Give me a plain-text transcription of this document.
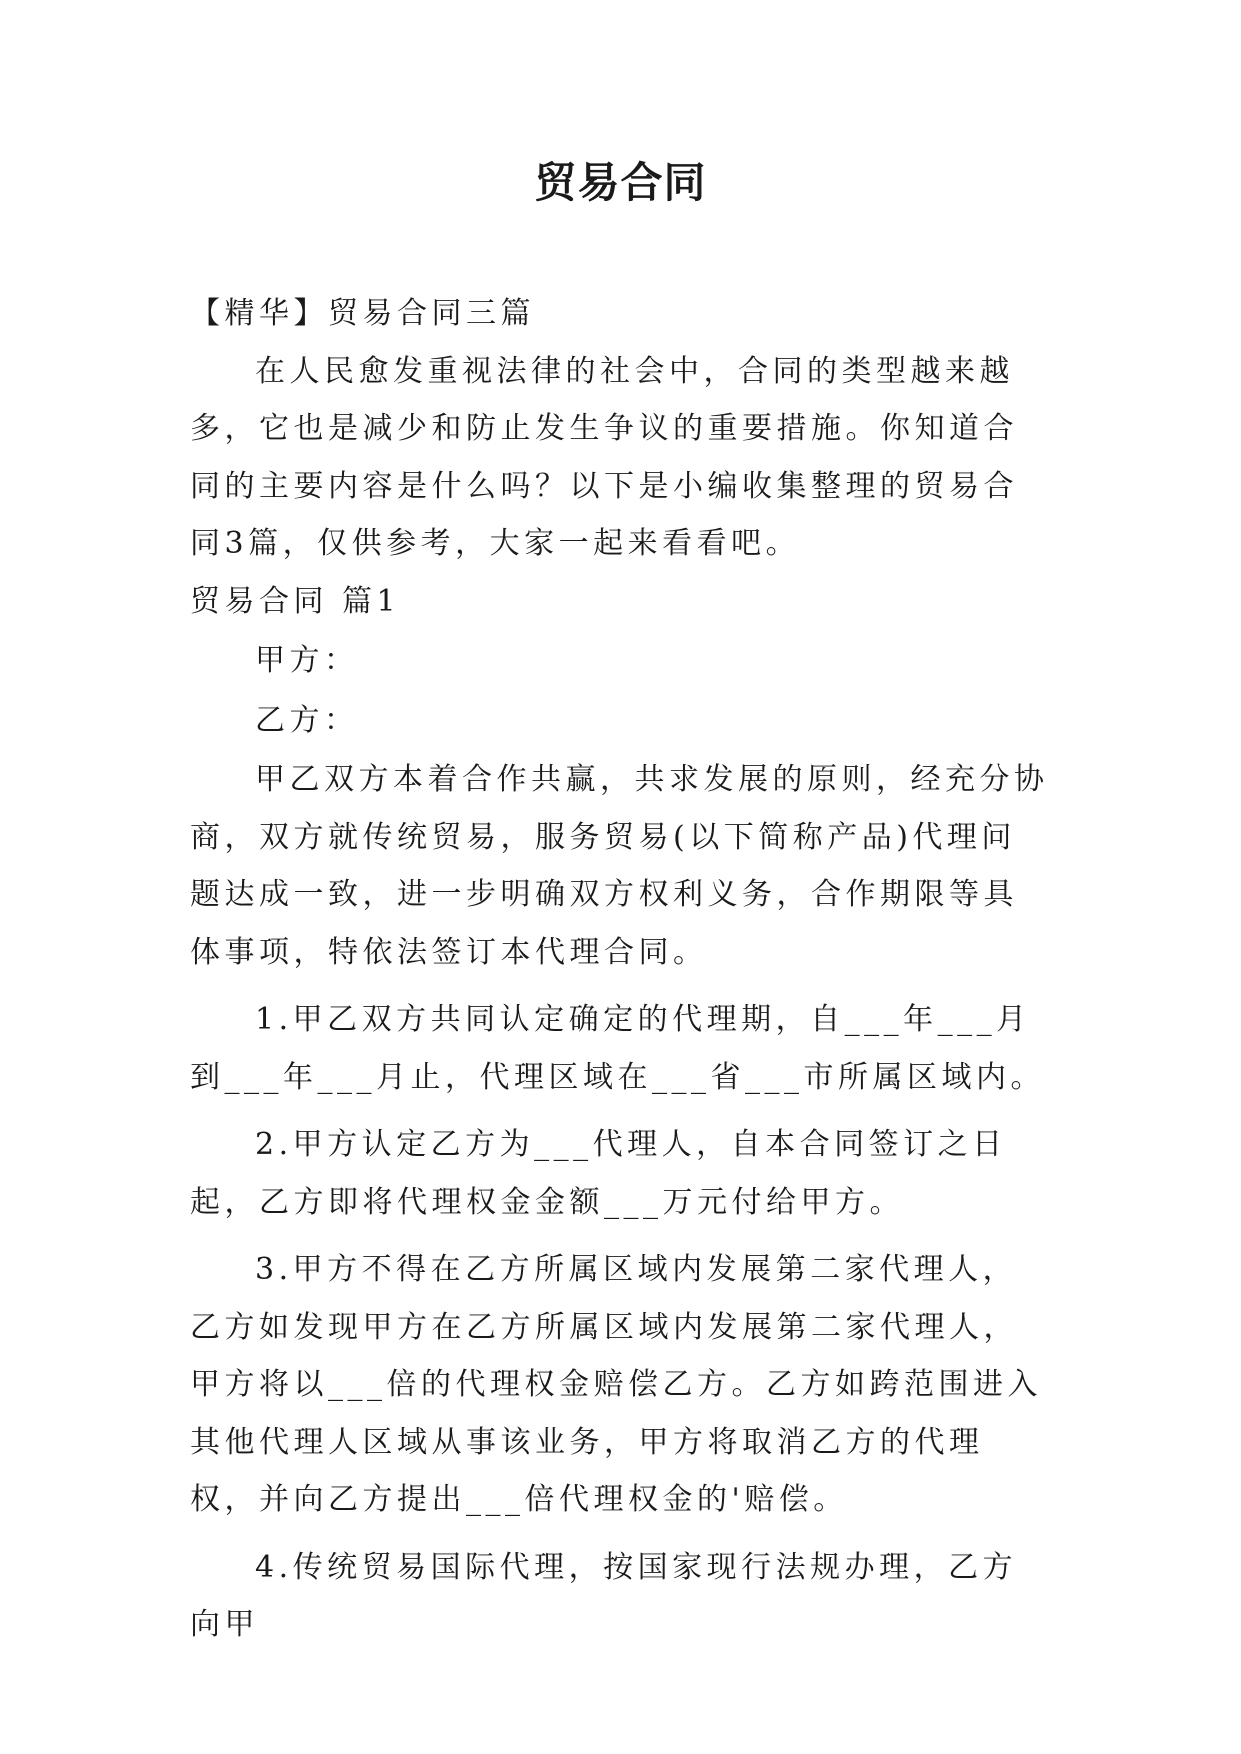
贸易合同

【精华】贸易合同三篇

在人民愈发重视法律的社会中，合同的类型越来越多，它也是减少和防止发生争议的重要措施。你知道合同的主要内容是什么吗？以下是小编收集整理的贸易合同3篇，仅供参考，大家一起来看看吧。

贸易合同 篇1

甲方：

乙方：

甲乙双方本着合作共赢，共求发展的原则，经充分协商，双方就传统贸易，服务贸易(以下简称产品)代理问题达成一致，进一步明确双方权利义务，合作期限等具体事项，特依法签订本代理合同。

1.甲乙双方共同认定确定的代理期，自___年___月到___年___月止，代理区域在___省___市所属区域内。

2.甲方认定乙方为___代理人，自本合同签订之日起，乙方即将代理权金金额___万元付给甲方。

3.甲方不得在乙方所属区域内发展第二家代理人，乙方如发现甲方在乙方所属区域内发展第二家代理人，甲方将以___倍的代理权金赔偿乙方。乙方如跨范围进入其他代理人区域从事该业务，甲方将取消乙方的代理权，并向乙方提出___倍代理权金的'赔偿。

4.传统贸易国际代理，按国家现行法规办理，乙方向甲
